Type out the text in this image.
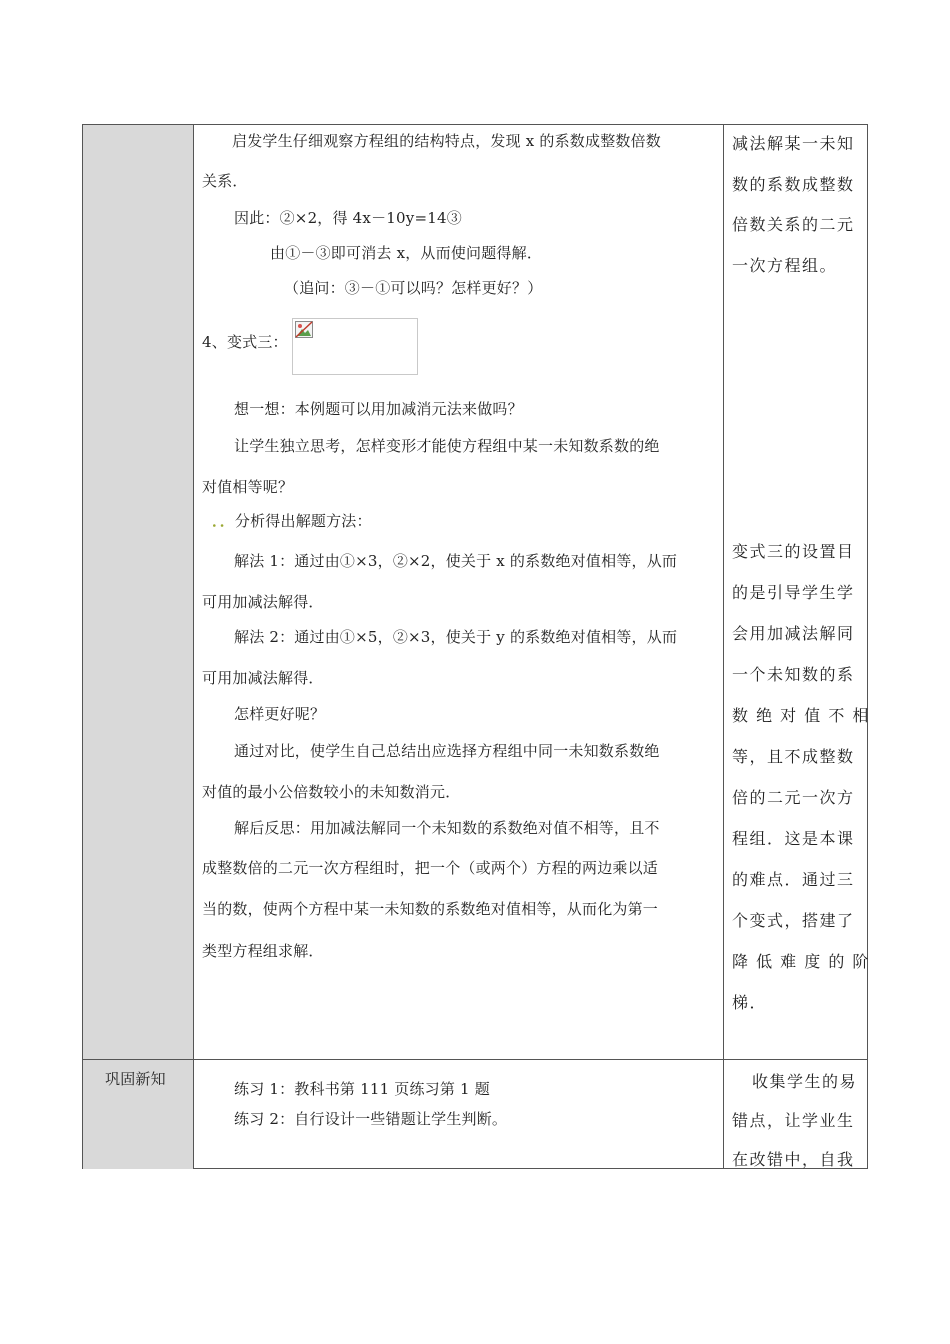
启发学生仔细观察方程组的结构特点，发现 x 的系数成整数倍数
关系．
因此：②×2，得 4x－10y=14③
由①－③即可消去 x，从而使问题得解．
（追问：③－①可以吗？怎样更好？）
4、变式三：
想一想：本例题可以用加减消元法来做吗？
让学生独立思考，怎样变形才能使方程组中某一未知数系数的绝
对值相等呢？
．．分析得出解题方法：
解法 1：通过由①×3，②×2，使关于 x 的系数绝对值相等，从而
可用加减法解得．
解法 2：通过由①×5，②×3，使关于 y 的系数绝对值相等，从而
可用加减法解得．
怎样更好呢？
通过对比，使学生自己总结出应选择方程组中同一未知数系数绝
对值的最小公倍数较小的未知数消元．
解后反思：用加减法解同一个未知数的系数绝对值不相等，且不
成整数倍的二元一次方程组时，把一个（或两个）方程的两边乘以适
当的数，使两个方程中某一未知数的系数绝对值相等，从而化为第一
类型方程组求解．
减法解某一未知
数的系数成整数
倍数关系的二元
一次方程组。
变式三的设置目
的是引导学生学
会用加减法解同
一个未知数的系
数 绝 对 值 不 相
等，且不成整数
倍的二元一次方
程组．这是本课
的难点．通过三
个变式，搭建了
降 低 难 度 的 阶
梯．
巩固新知
练习 1：教科书第 111 页练习第 1 题
练习 2：自行设计一些错题让学生判断。
收集学生的易
错点，让学业生
在改错中，自我
